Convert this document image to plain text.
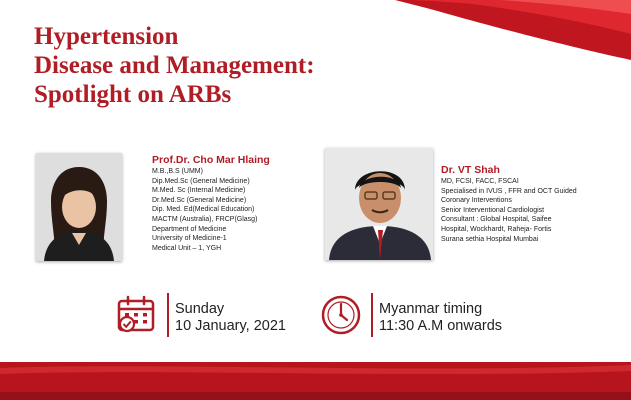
Hypertension
Disease and Management:
Spotlight on ARBs
Prof.Dr. Cho Mar Hlaing
M.B.,B.S (UMM)
Dip.Med.Sc (General Medicine)
M.Med. Sc (Internal Medicine)
Dr.Med.Sc (General Medicine)
Dip. Med. Ed(Medical Education)
MACTM (Australia), FRCP(Glasg)
Department of Medicine
University of Medicine-1
Medical Unit – 1, YGH
Dr. VT Shah
MD, FCSI, FACC, FSCAI
Specialised in IVUS , FFR and OCT Guided
Coronary Interventions
Senior Interventional Cardiologist
Consultant : Global Hospital, Saifee
Hospital, Wockhardt, Raheja- Fortis
Surana sethia Hospital Mumbai
Sunday
10 January, 2021
Myanmar timing
11:30 A.M onwards
